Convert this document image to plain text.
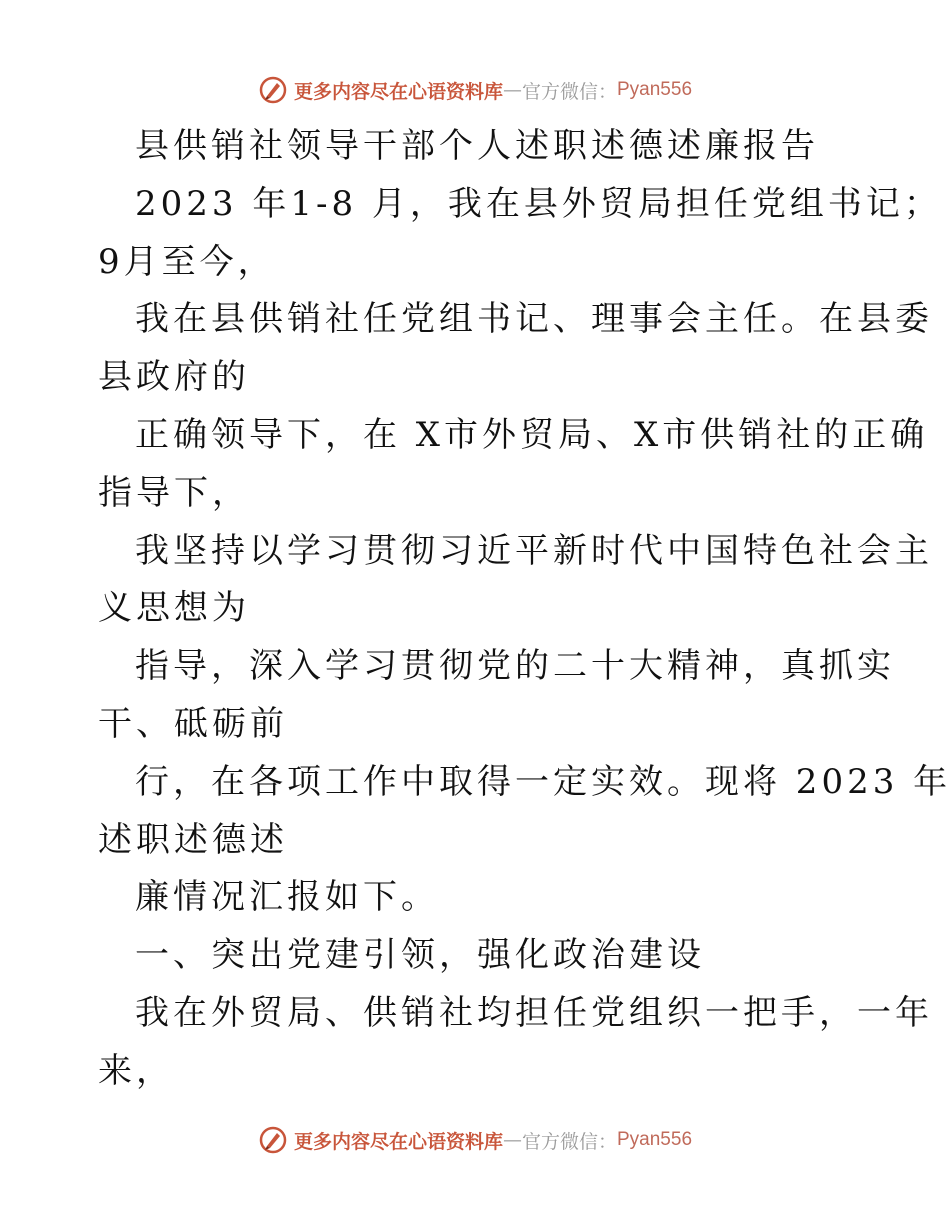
更多内容尽在心语资料库 — 官方微信： Pyan556
县供销社领导干部个人述职述德述廉报告
2023 年1-8 月，我在县外贸局担任党组书记；
9月至今，
我在县供销社任党组书记、理事会主任。在县委
县政府的
正确领导下，在 X市外贸局、X市供销社的正确
指导下，
我坚持以学习贯彻习近平新时代中国特色社会主
义思想为
指导，深入学习贯彻党的二十大精神，真抓实
干、砥砺前
行，在各项工作中取得一定实效。现将 2023 年
述职述德述
廉情况汇报如下。
一、突出党建引领，强化政治建设
我在外贸局、供销社均担任党组织一把手，一年
来，
更多内容尽在心语资料库 — 官方微信： Pyan556
